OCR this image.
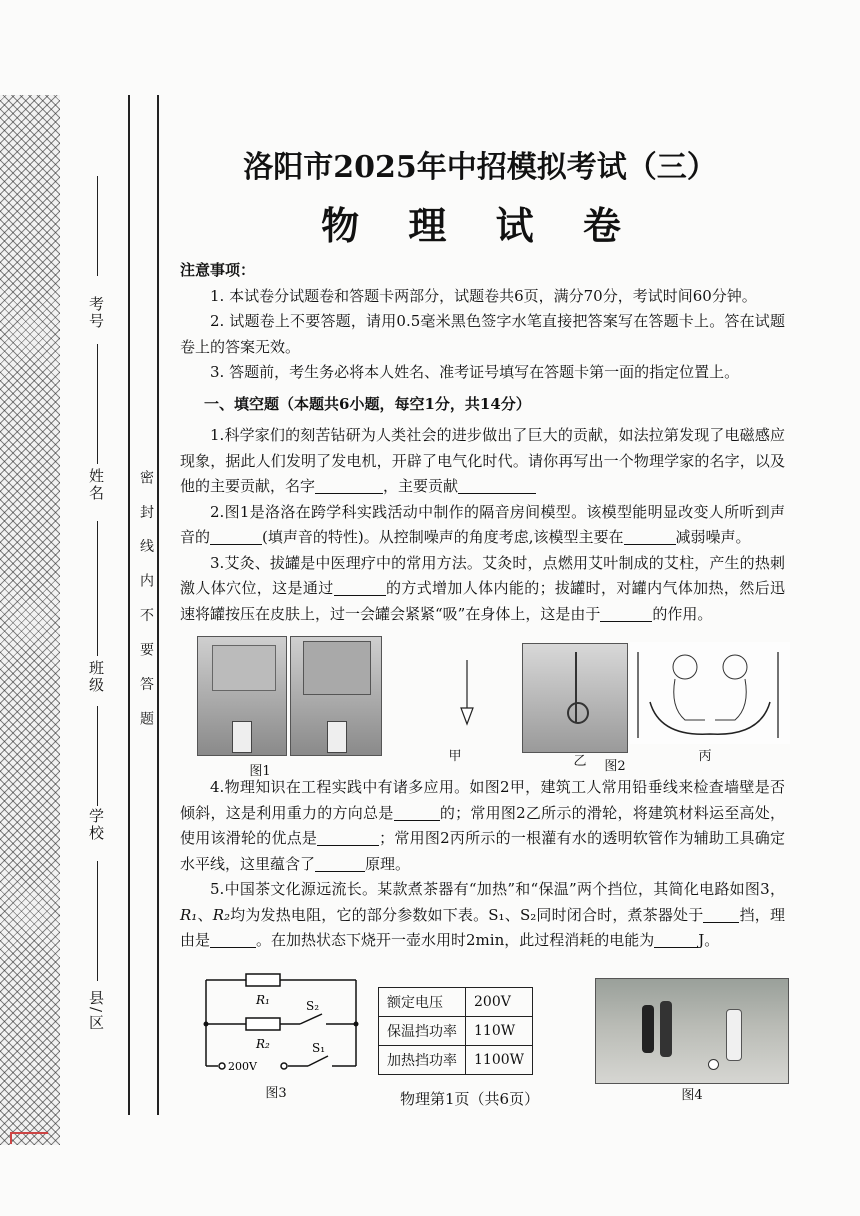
考号
姓名
班级
学校
县/区
密 封 线 内 不 要 答 题
洛阳市2025年中招模拟考试（三）
物 理 试 卷

注意事项：

1. 本试卷分试题卷和答题卡两部分，试题卷共6页，满分70分，考试时间60分钟。

2. 试题卷上不要答题，请用0.5毫米黑色签字水笔直接把答案写在答题卡上。答在试题卷上的答案无效。

3. 答题前，考生务必将本人姓名、准考证号填写在答题卡第一面的指定位置上。

一、填空题（本题共6小题，每空1分，共14分）

1.科学家们的刻苦钻研为人类社会的进步做出了巨大的贡献，如法拉第发现了电磁感应现象，据此人们发明了发电机，开辟了电气化时代。请你再写出一个物理学家的名字，以及他的主要贡献，名字	，主要贡献

2.图1是洛洛在跨学科实践活动中制作的隔音房间模型。该模型能明显改变人所听到声音的	(填声音的特性)。从控制噪声的角度考虑,该模型主要在	减弱噪声。

3.艾灸、拔罐是中医理疗中的常用方法。艾灸时，点燃用艾叶制成的艾柱，产生的热刺激人体穴位，这是通过	的方式增加人体内能的；拔罐时，对罐内气体加热，然后迅速将罐按压在皮肤上，过一会罐会紧紧“吸”在身体上，这是由于	的作用。

图1
甲	乙	图2
丙

4.物理知识在工程实践中有诸多应用。如图2甲，建筑工人常用铅垂线来检查墙壁是否倾斜，这是利用重力的方向总是	的；常用图2乙所示的滑轮，将建筑材料运至高处，使用该滑轮的优点是	；常用图2丙所示的一根灌有水的透明软管作为辅助工具确定水平线，这里蕴含了	原理。

5.中国茶文化源远流长。某款煮茶器有“加热”和“保温”两个挡位，其简化电路如图3，R₁、R₂均为发热电阻，它的部分参数如下表。S₁、S₂同时闭合时，煮茶器处于 挡，理由是	。在加热状态下烧开一壶水用时2min，此过程消耗的电能为	J。

R₁
R₂
S₂
S₁
200V
图3
额定电压	200V
保温挡功率	110W
加热挡功率	1100W
图4
物理第1页（共6页）
